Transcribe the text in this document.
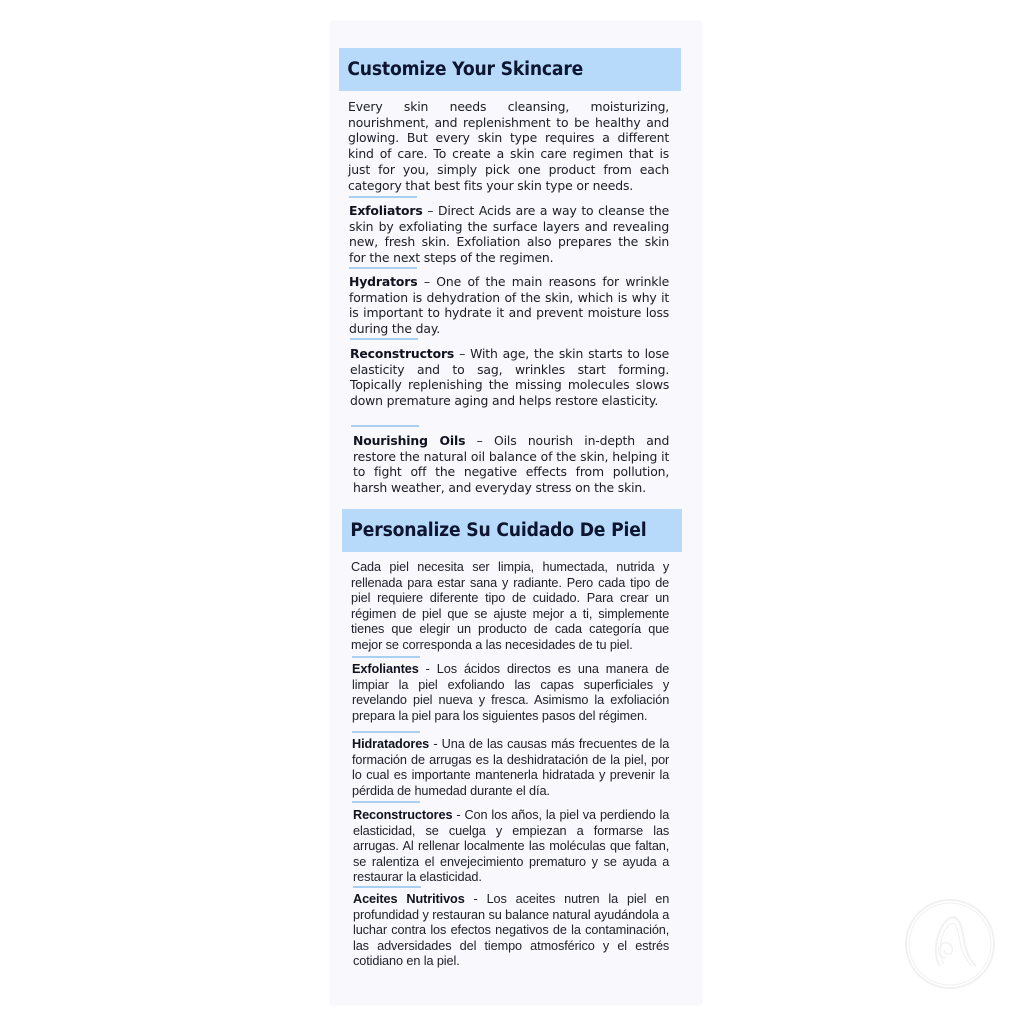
Customize Your Skincare
Every skin needs cleansing, moisturizing, nourishment, and replenishment to be healthy and glowing. But every skin type requires a different kind of care. To create a skin care regimen that is just for you, simply pick one product from each category that best fits your skin type or needs.
Exfoliators – Direct Acids are a way to cleanse the skin by exfoliating the surface layers and revealing new, fresh skin. Exfoliation also prepares the skin for the next steps of the regimen.
Hydrators – One of the main reasons for wrinkle formation is dehydration of the skin, which is why it is important to hydrate it and prevent moisture loss during the day.
Reconstructors – With age, the skin starts to lose elasticity and to sag, wrinkles start forming. Topically replenishing the missing molecules slows down premature aging and helps restore elasticity.
Nourishing Oils – Oils nourish in-depth and restore the natural oil balance of the skin, helping it to fight off the negative effects from pollution, harsh weather, and everyday stress on the skin.
Personalize Su Cuidado De Piel
Cada piel necesita ser limpia, humectada, nutrida y rellenada para estar sana y radiante. Pero cada tipo de piel requiere diferente tipo de cuidado. Para crear un régimen de piel que se ajuste mejor a ti, simplemente tienes que elegir un producto de cada categoría que mejor se corresponda a las necesidades de tu piel.
Exfoliantes - Los ácidos directos es una manera de limpiar la piel exfoliando las capas superficiales y revelando piel nueva y fresca. Asimismo la exfoliación prepara la piel para los siguientes pasos del régimen.
Hidratadores - Una de las causas más frecuentes de la formación de arrugas es la deshidratación de la piel, por lo cual es importante mantenerla hidratada y prevenir la pérdida de humedad durante el día.
Reconstructores - Con los años, la piel va perdiendo la elasticidad, se cuelga y empiezan a formarse las arrugas. Al rellenar localmente las moléculas que faltan, se ralentiza el envejecimiento prematuro y se ayuda a restaurar la elasticidad.
Aceites Nutritivos - Los aceites nutren la piel en profundidad y restauran su balance natural ayudándola a luchar contra los efectos negativos de la contaminación, las adversidades del tiempo atmosférico y el estrés cotidiano en la piel.
